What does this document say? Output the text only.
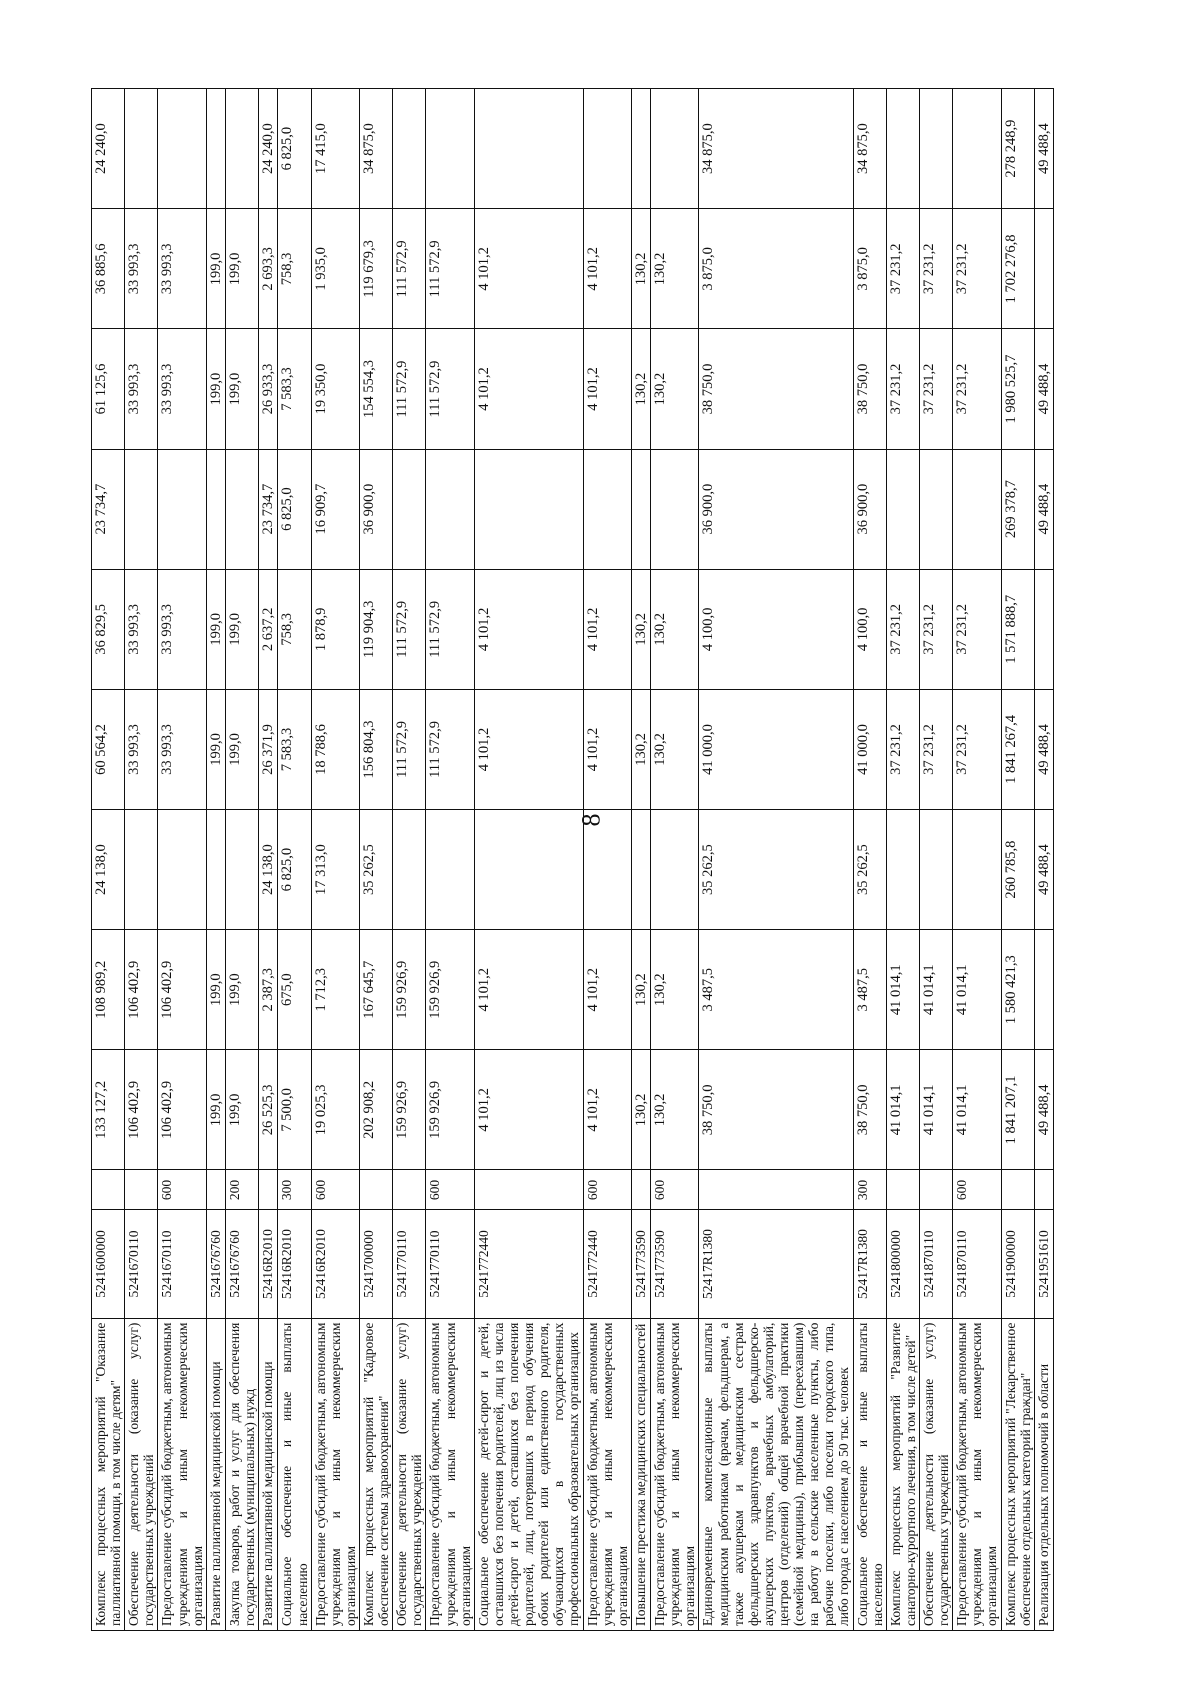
8
Комплекс процессных мероприятий "Оказание паллиативной помощи, в том числе детям"	5241600000		133 127,2	108 989,2	24 138,0	60 564,2	36 829,5	23 734,7	61 125,6	36 885,6	24 240,0
Обеспечение деятельности (оказание услуг) государственных учреждений	5241670110		106 402,9	106 402,9		33 993,3	33 993,3		33 993,3	33 993,3	
Предоставление субсидий бюджетным, автономным учреждениям и иным некоммерческим организациям	5241670110	600	106 402,9	106 402,9		33 993,3	33 993,3		33 993,3	33 993,3	
Развитие паллиативной медицинской помощи	5241676760		199,0	199,0		199,0	199,0		199,0	199,0	
Закупка товаров, работ и услуг для обеспечения государственных (муниципальных) нужд	5241676760	200	199,0	199,0		199,0	199,0		199,0	199,0	
Развитие паллиативной медицинской помощи	52416R2010		26 525,3	2 387,3	24 138,0	26 371,9	2 637,2	23 734,7	26 933,3	2 693,3	24 240,0
Социальное обеспечение и иные выплаты населению	52416R2010	300	7 500,0	675,0	6 825,0	7 583,3	758,3	6 825,0	7 583,3	758,3	6 825,0
Предоставление субсидий бюджетным, автономным учреждениям и иным некоммерческим организациям	52416R2010	600	19 025,3	1 712,3	17 313,0	18 788,6	1 878,9	16 909,7	19 350,0	1 935,0	17 415,0
Комплекс процессных мероприятий "Кадровое обеспечение системы здравоохранения"	5241700000		202 908,2	167 645,7	35 262,5	156 804,3	119 904,3	36 900,0	154 554,3	119 679,3	34 875,0
Обеспечение деятельности (оказание услуг) государственных учреждений	5241770110		159 926,9	159 926,9		111 572,9	111 572,9		111 572,9	111 572,9	
Предоставление субсидий бюджетным, автономным учреждениям и иным некоммерческим организациям	5241770110	600	159 926,9	159 926,9		111 572,9	111 572,9		111 572,9	111 572,9	
Социальное обеспечение детей-сирот и детей, оставшихся без попечения родителей, лиц из числа детей-сирот и детей, оставшихся без попечения родителей, лиц, потерявших в период обучения обоих родителей или единственного родителя, обучающихся в государственных профессиональных образовательных организациях	5241772440		4 101,2	4 101,2		4 101,2	4 101,2		4 101,2	4 101,2	
Предоставление субсидий бюджетным, автономным учреждениям и иным некоммерческим организациям	5241772440	600	4 101,2	4 101,2		4 101,2	4 101,2		4 101,2	4 101,2	
Повышение престижа медицинских специальностей	5241773590		130,2	130,2		130,2	130,2		130,2	130,2	
Предоставление субсидий бюджетным, автономным учреждениям и иным некоммерческим организациям	5241773590	600	130,2	130,2		130,2	130,2		130,2	130,2	
Единовременные компенсационные выплаты медицинским работникам (врачам, фельдшерам, а также акушеркам и медицинским сестрам фельдшерских здравпунктов и фельдшерско-акушерских пунктов, врачебных амбулаторий, центров (отделений) общей врачебной практики (семейной медицины), прибывшим (переехавшим) на работу в сельские населенные пункты, либо рабочие поселки, либо поселки городского типа, либо города с населением до 50 тыс. человек	52417R1380		38 750,0	3 487,5	35 262,5	41 000,0	4 100,0	36 900,0	38 750,0	3 875,0	34 875,0
Социальное обеспечение и иные выплаты населению	52417R1380	300	38 750,0	3 487,5	35 262,5	41 000,0	4 100,0	36 900,0	38 750,0	3 875,0	34 875,0
Комплекс процессных мероприятий "Развитие санаторно-курортного лечения, в том числе детей"	5241800000		41 014,1	41 014,1		37 231,2	37 231,2		37 231,2	37 231,2	
Обеспечение деятельности (оказание услуг) государственных учреждений	5241870110		41 014,1	41 014,1		37 231,2	37 231,2		37 231,2	37 231,2	
Предоставление субсидий бюджетным, автономным учреждениям и иным некоммерческим организациям	5241870110	600	41 014,1	41 014,1		37 231,2	37 231,2		37 231,2	37 231,2	
Комплекс процессных мероприятий "Лекарственное обеспечение отдельных категорий граждан"	5241900000		1 841 207,1	1 580 421,3	260 785,8	1 841 267,4	1 571 888,7	269 378,7	1 980 525,7	1 702 276,8	278 248,9
Реализация отдельных полномочий в области	5241951610		49 488,4		49 488,4	49 488,4		49 488,4	49 488,4		49 488,4
